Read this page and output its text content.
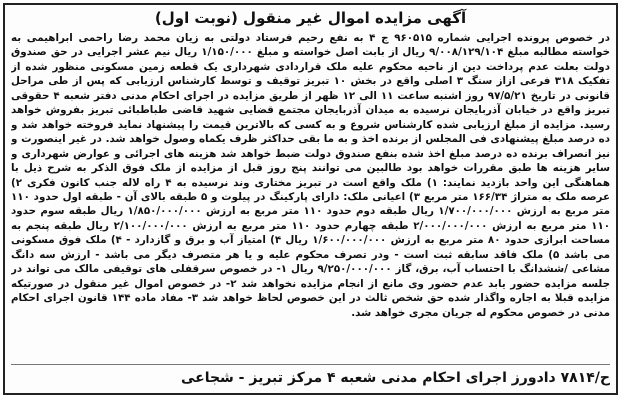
آگهی مزایده اموال غیر منقول (نوبت اول)
در خصوص پرونده اجرایی شماره ۹۶۰۵۱۵ ج ۴ به نفع رحیم فرستاد دولتی به زیان محمد رضا راحمی ابراهیمی به خواسته مطالبه مبلغ ۹/۰۰۸/۱۲۹/۱۰۴ ریال از بابت اصل خواسته و مبلغ ۱/۱۵۰/۰۰۰ ریال نیم عشر اجرایی در حق صندوق دولت بعلت عدم پرداخت دین از ناحیه محکوم علیه ملک قراردادی شهرداری یک قطعه زمین مسکونی منظور شده از تفکیک ۳۱۸ فرعی ازاز سنگ ۳ اصلی واقع در بخش ۱۰ تبریز توقیف و توسط کارشناس ارزیابی که پس از طی مراحل قانونی در تاریخ ۹۷/۵/۲۱ روز اشنبه ساعت ۱۱ الی ۱۲ ظهر از طریق مزایده در اجرای احکام مدنی دفتر شعبه ۴ حقوقی تبریز واقع در خیابان آذربایجان نرسیده به میدان آذربایجان مجتمع قضایی شهید قاضی طباطبائی تبریز بفروش خواهد رسید. مزایده از مبلغ ارزیابی شده کارشناس شروع و به کسی که بالاترین قیمت را پیشنهاد نماید فروخته خواهد شد و ده درصد مبلغ پیشنهادی فی المجلس از برنده اخذ و به ما بقی حداکثر ظرف یکماه وصول خواهد شد. در غیر اینصورت و نیز انصراف برنده ده درصد مبلغ اخذ شده بنفع صندوق دولت ضبط خواهد شد هزینه های اجرائی و عوارض شهرداری و سایر هزینه ها طبق مقررات خواهد بود طالبین می توانند پنج روز قبل از مزایده از ملک فوق الذکر به شرح ذیل با هماهنگی این واحد بازدید نمایند: ۱) ملک واقع است در تبریز مختاری وند نرسیده به ۴ راه لاله جنب کانون فکری ۲) عرصه ملک به متراژ ۱۶۶/۳۴ متر مربع ۳) اعیانی ملک: دارای پارکینگ در پیلوت و ۵ طبقه بالای آن - طبقه اول حدود ۱۱۰ متر مربع به ارزش ۱/۷۰۰/۰۰۰/۰۰۰ ریال طبقه دوم حدود ۱۱۰ متر مربع به ارزش ۱/۸۵۰/۰۰۰/۰۰۰ ریال طبقه سوم حدود ۱۱۰ متر مربع به ارزش ۲/۰۰۰/۰۰۰/۰۰۰ طبقه چهارم حدود ۱۱۰ متر مربع به ارزش ۲/۱۰۰/۰۰۰/۰۰۰ ریال طبقه پنجم به مساحت ابرازی حدود ۸۰ متر مربع به ارزش ۱/۶۰۰/۰۰۰/۰۰۰ ریال ۴) امتیاز آب و برق و گازدارد - ۴) ملک فوق مسکونی می باشد ۵) ملک فاقد سابقه ثبت است - ودر تصرف محکوم علیه و یا هر متصرف دیگر می باشد - ارزش سه دانگ مشاعی /ششدانگ با احتساب آب، برق، گاز ۹/۲۵۰/۰۰۰/۰۰۰ ریال ۱- در خصوص سرقفلی های توقیفی مالک می تواند در جلسه مزایده حضور یابد عدم حضور وی مانع از انجام مزایده نخواهد شد ۲- در خصوص اموال غیر منقول در صورتیکه مزایده قبلا به اجاره واگذار شده حق شخص ثالث در این خصوص لحاظ خواهد شد ۳- مفاد ماده ۱۴۴ قانون اجرای احکام مدنی در خصوص محکوم له جریان مجری خواهد شد.
ح/۷۸۱۴ دادورز اجرای احکام مدنی شعبه ۴ مرکز تبریز - شجاعی
